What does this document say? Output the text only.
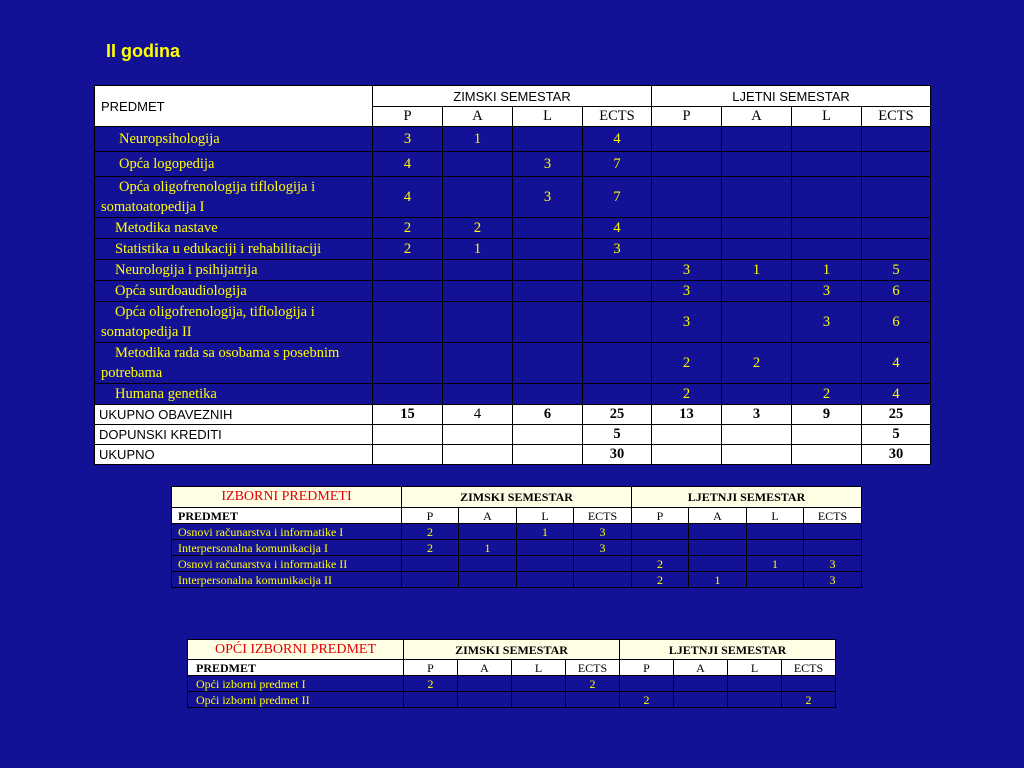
II godina
PREDMET	ZIMSKI SEMESTAR				LJETNI SEMESTAR			
	P	A	L	ECTS	P	A	L	ECTS
Neuropsihologija	3	1		4				
Opća logopedija	4		3	7				
Opća oligofrenologija tiflologija i somatoatopedija I	4		3	7				
Metodika nastave	2	2		4				
Statistika u edukaciji i rehabilitaciji	2	1		3				
Neurologija i psihijatrija					3	1	1	5
Opća surdoaudiologija					3		3	6
Opća oligofrenologija, tiflologija i somatopedija II					3		3	6
Metodika rada sa osobama s posebnim potrebama					2	2		4
Humana genetika					2		2	4
UKUPNO OBAVEZNIH	15	4	6	25	13	3	9	25
DOPUNSKI KREDITI				5				5
UKUPNO				30				30
IZBORNI PREDMETI	ZIMSKI SEMESTAR				LJETNJI SEMESTAR			
PREDMET	P	A	L	ECTS	P	A	L	ECTS
Osnovi računarstva i informatike I	2		1	3				
Interpersonalna komunikacija I	2	1		3				
Osnovi računarstva i informatike II					2		1	3
Interpersonalna komunikacija II					2	1		3
OPĆI IZBORNI PREDMET	ZIMSKI SEMESTAR				LJETNJI SEMESTAR			
PREDMET	P	A	L	ECTS	P	A	L	ECTS
Opći izborni predmet I	2			2				
Opći izborni predmet II					2			2
